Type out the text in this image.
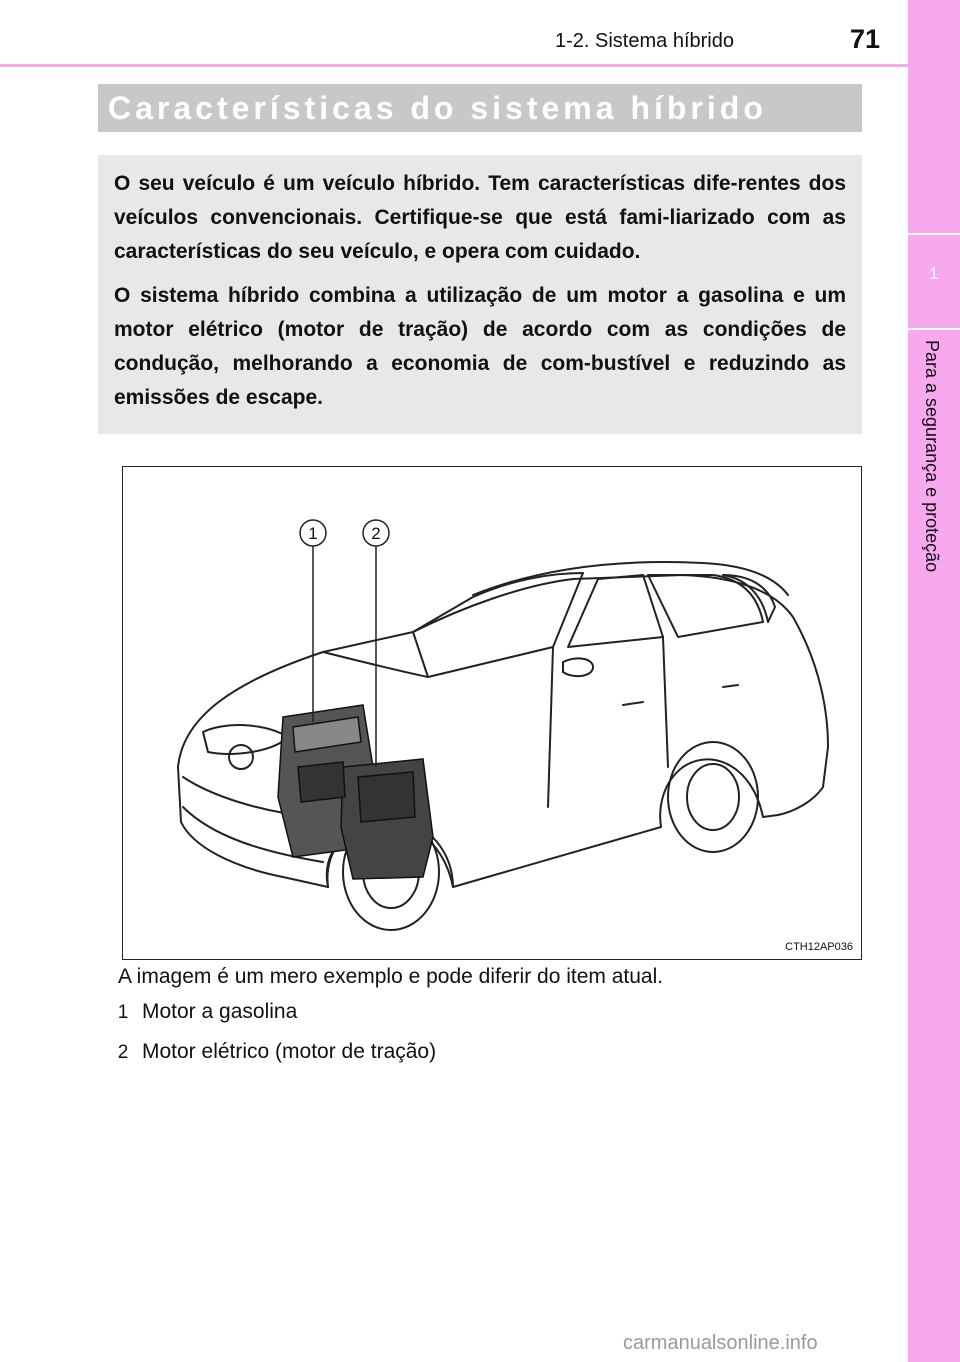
1-2. Sistema híbrido	71
1
Para a segurança e proteção
Características do sistema híbrido

O seu veículo é um veículo híbrido. Tem características dife-rentes dos veículos convencionais. Certifique-se que está fami-liarizado com as características do seu veículo, e opera com cuidado.

O sistema híbrido combina a utilização de um motor a gasolina e um motor elétrico (motor de tração) de acordo com as condições de condução, melhorando a economia de com-bustível e reduzindo as emissões de escape.

1	2
CTH12AP036
A imagem é um mero exemplo e pode diferir do item atual.
1 Motor a gasolina
2 Motor elétrico (motor de tração)
carmanualsonline.info
